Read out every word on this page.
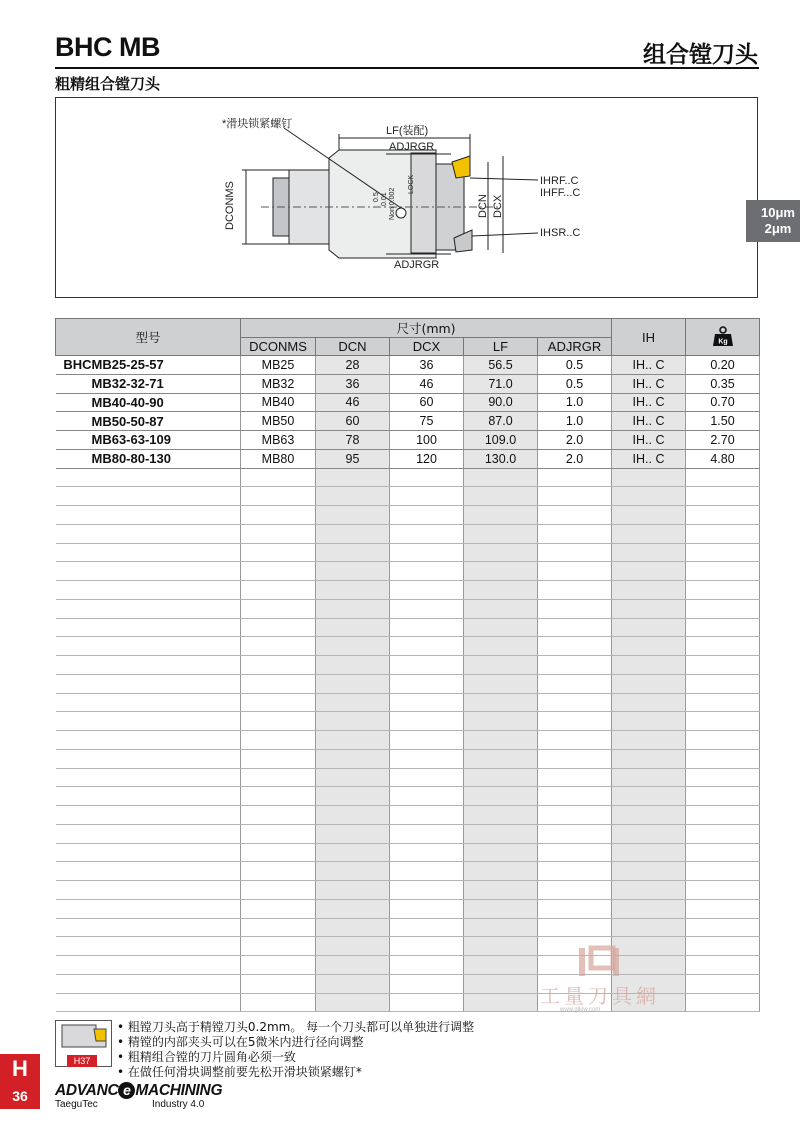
BHC MB	组合镗刀头
粗精组合镗刀头
10μm
2μm
*滑块锁紧螺钉
LF(装配)
ADJRGR
ADJRGR
DCONMS	DCN DCX
IHRF..C
IHFF...C
IHSR..C
0.5 0.01 Non 0.002
LOCK
型号	尺寸(mm)					IH	Kg

	DCONMS	DCN	DCX	LF	ADJRGR		
BHCMB25-25-57	MB25	28	36	56.5	0.5	IH.. C	0.20
MB32-32-71	MB32	36	46	71.0	0.5	IH.. C	0.35
MB40-40-90	MB40	46	60	90.0	1.0	IH.. C	0.70
MB50-50-87	MB50	60	75	87.0	1.0	IH.. C	1.50
MB63-63-109	MB63	78	100	109.0	2.0	IH.. C	2.70
MB80-80-130	MB80	95	120	130.0	2.0	IH.. C	4.80

工量刀具網
www.glkjw.com
H37
• 粗镗刀头高于精镗刀头0.2mm。 每一个刀头都可以单独进行调整
• 精镗的内部夹头可以在5微米内进行径向调整
• 粗精组合镗的刀片圆角必须一致
• 在做任何滑块调整前要先松开滑块锁紧螺钉*
H
36	ADVANC e MACHINING
TaeguTec	Industry 4.0
